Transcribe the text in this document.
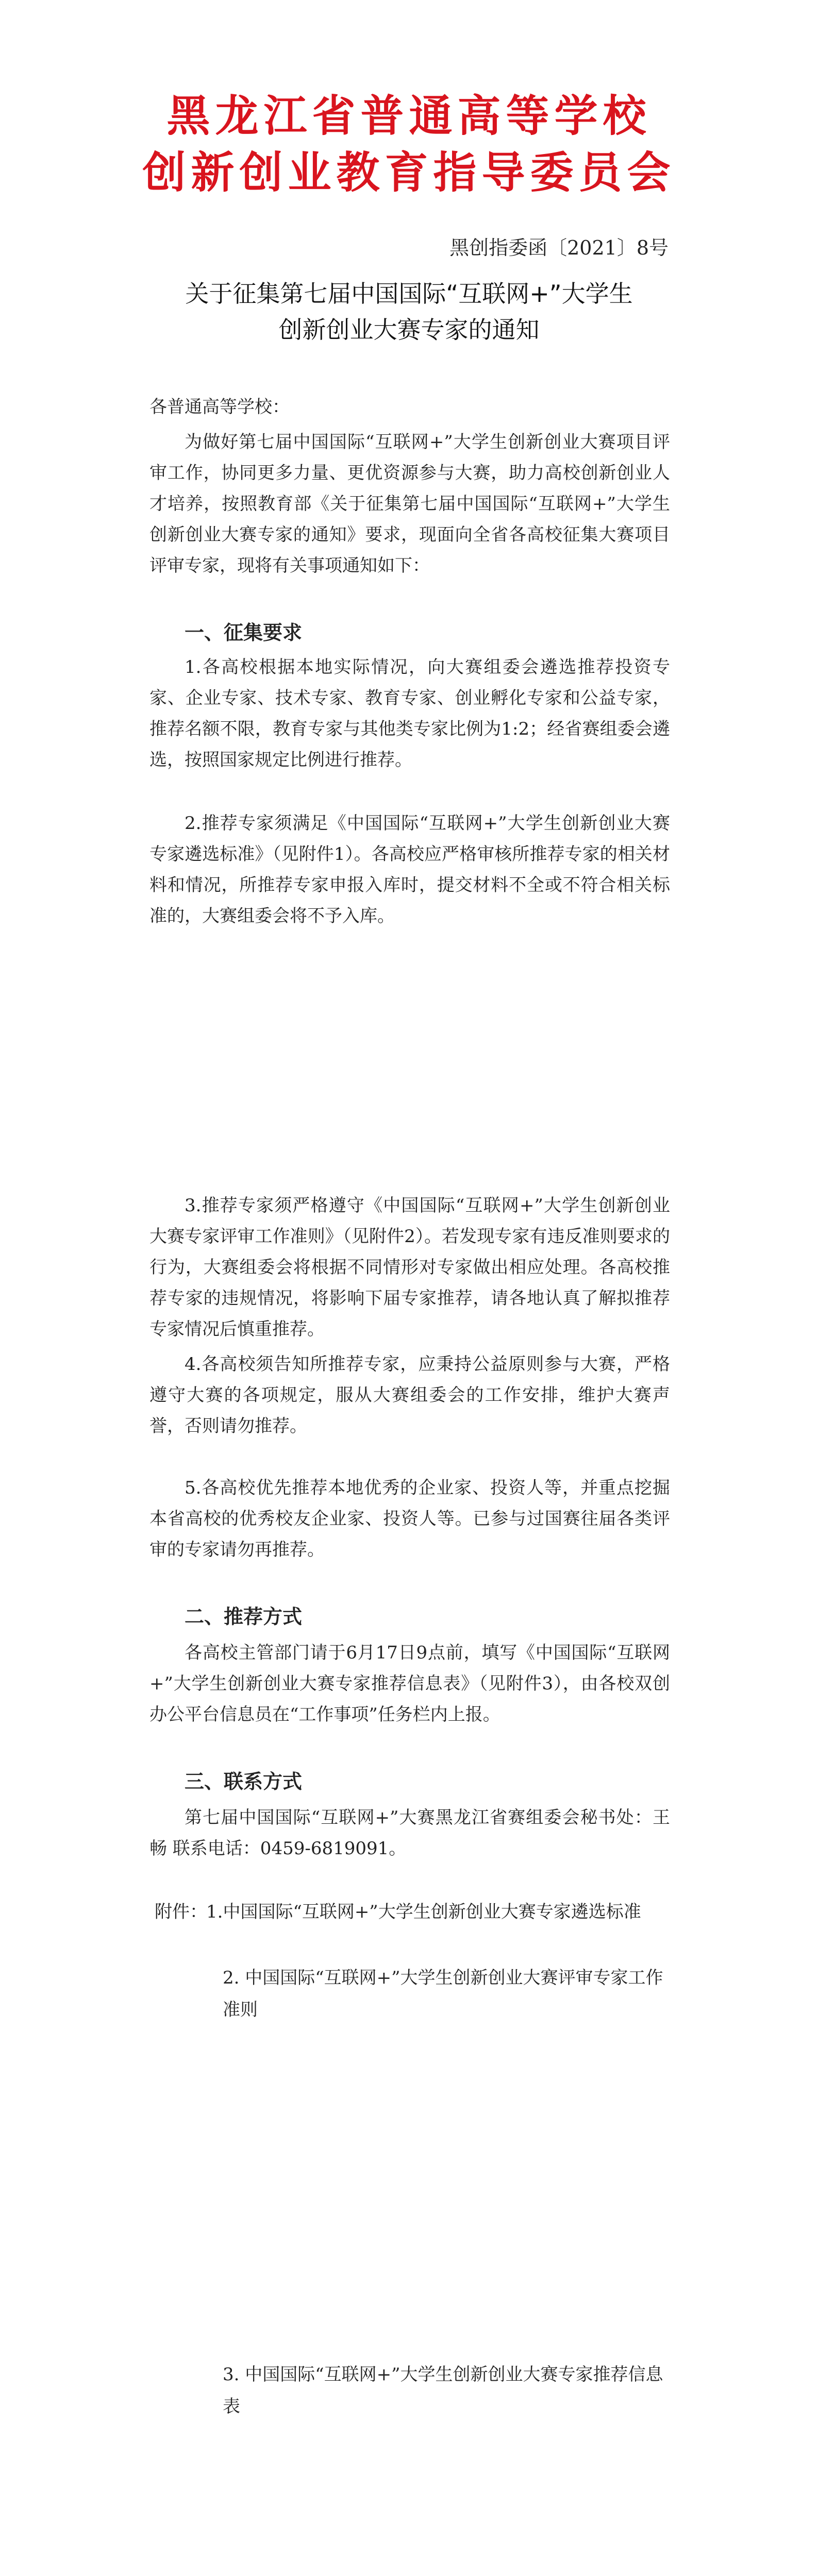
黑龙江省普通高等学校
创新创业教育指导委员会
黑创指委函〔2021〕8号
关于征集第七届中国国际“互联网+”大学生
创新创业大赛专家的通知
各普通高等学校：
为做好第七届中国国际“互联网+”大学生创新创业大赛项目评审工作，协同更多力量、更优资源参与大赛，助力高校创新创业人才培养，按照教育部《关于征集第七届中国国际“互联网+”大学生创新创业大赛专家的通知》要求，现面向全省各高校征集大赛项目评审专家，现将有关事项通知如下：
一、征集要求
1.各高校根据本地实际情况，向大赛组委会遴选推荐投资专家、企业专家、技术专家、教育专家、创业孵化专家和公益专家，推荐名额不限，教育专家与其他类专家比例为1:2；经省赛组委会遴选，按照国家规定比例进行推荐。
2.推荐专家须满足《中国国际“互联网+”大学生创新创业大赛专家遴选标准》（见附件1）。各高校应严格审核所推荐专家的相关材料和情况，所推荐专家申报入库时，提交材料不全或不符合相关标准的，大赛组委会将不予入库。
3.推荐专家须严格遵守《中国国际“互联网+”大学生创新创业大赛专家评审工作准则》（见附件2）。若发现专家有违反准则要求的行为，大赛组委会将根据不同情形对专家做出相应处理。各高校推荐专家的违规情况，将影响下届专家推荐，请各地认真了解拟推荐专家情况后慎重推荐。
4.各高校须告知所推荐专家，应秉持公益原则参与大赛，严格遵守大赛的各项规定，服从大赛组委会的工作安排，维护大赛声誉，否则请勿推荐。
5.各高校优先推荐本地优秀的企业家、投资人等，并重点挖掘本省高校的优秀校友企业家、投资人等。已参与过国赛往届各类评审的专家请勿再推荐。
二、推荐方式
各高校主管部门请于6月17日9点前，填写《中国国际“互联网+”大学生创新创业大赛专家推荐信息表》（见附件3），由各校双创办公平台信息员在“工作事项”任务栏内上报。
三、联系方式
第七届中国国际“互联网+”大赛黑龙江省赛组委会秘书处：王畅 联系电话：0459-6819091。
附件：
1.中国国际“互联网+”大学生创新创业大赛专家遴选标准
2. 中国国际“互联网+”大学生创新创业大赛评审专家工作准则
3. 中国国际“互联网+”大学生创新创业大赛专家推荐信息表
